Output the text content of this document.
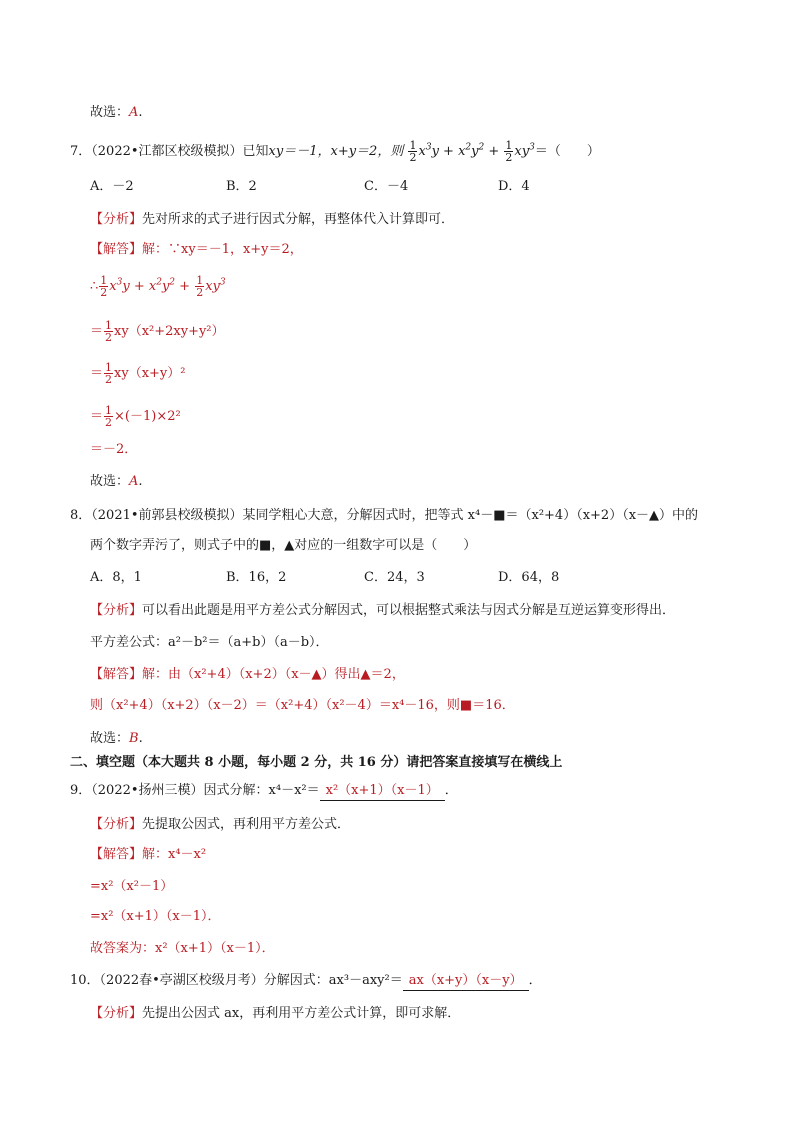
故选：A.
7．（2022•江都区校级模拟）已知xy＝－1，x+y＝2，则 $\frac{1}{2} x^3y + x^2y^2 + \frac{1}{2} xy^3=$（　　）
A．－2	B．2	C．－4	D．4
【分析】先对所求的式子进行因式分解，再整体代入计算即可．
【解答】解：∵xy＝－1，x+y＝2，
∴ $\frac{1}{2} x^3y + x^2y^2 + \frac{1}{2} xy^3$
＝ $\frac{1}{2} xy(x^2+2xy+y^2)$
＝ $\frac{1}{2} xy(x+y)^2$
＝ $\frac{1}{2} \times(-1)\times 2^2$
＝－2．
故选：A.
8．（2021•前郭县校级模拟）某同学粗心大意，分解因式时，把等式 x⁴－■＝（x²+4）（x+2）（x－▲）中的
两个数字弄污了，则式子中的■，▲对应的一组数字可以是（　　）
A．8，1	B．16，2	C．24，3	D．64，8
【分析】可以看出此题是用平方差公式分解因式，可以根据整式乘法与因式分解是互逆运算变形得出．
平方差公式：a²－b²＝（a+b）（a－b）．
【解答】解：由（x²+4）（x+2）（x－▲）得出▲＝2，
则（x²+4）（x+2）（x－2）＝（x²+4）（x²－4）＝x⁴－16，则■＝16．
故选：B.
二、填空题（本大题共 8 小题，每小题 2 分，共 16 分）请把答案直接填写在横线上
9．（2022•扬州三模）因式分解：x⁴－x²＝ x²（x+1）（x－1） ．
【分析】先提取公因式，再利用平方差公式．
【解答】解：x⁴－x²
=x²（x²－1）
=x²（x+1）（x－1）．
故答案为：x²（x+1）（x－1）．
10．（2022春•亭湖区校级月考）分解因式：ax³－axy²＝ ax（x+y）（x－y） ．
【分析】先提出公因式 ax，再利用平方差公式计算，即可求解．
